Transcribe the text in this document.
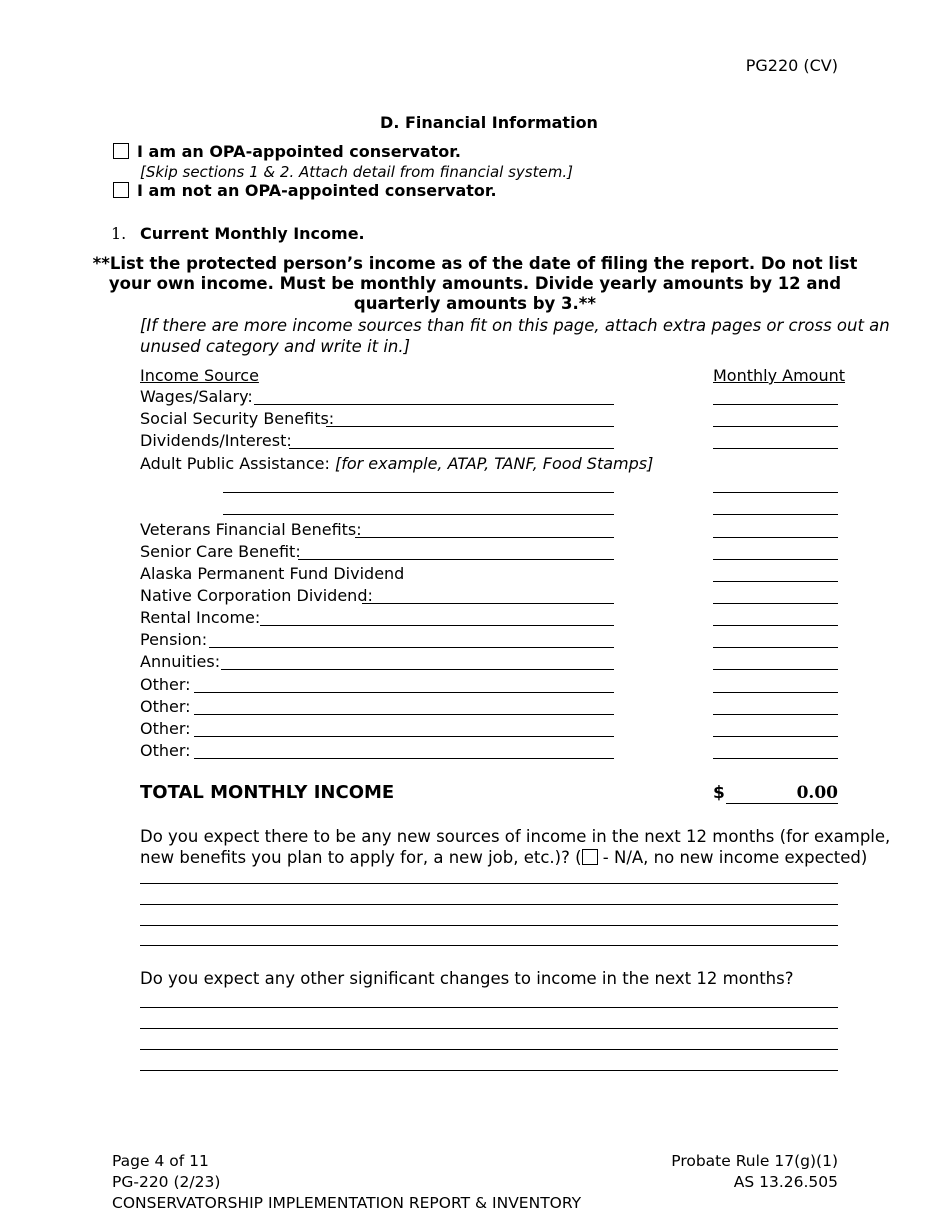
PG220 (CV)
D. Financial Information
I am an OPA-appointed conservator.
[Skip sections 1 & 2. Attach detail from financial system.]
I am not an OPA-appointed conservator.
1. Current Monthly Income.
**List the protected person’s income as of the date of filing the report. Do not list
your own income. Must be monthly amounts. Divide yearly amounts by 12 and
quarterly amounts by 3.**
[If there are more income sources than fit on this page, attach extra pages or cross out an
unused category and write it in.]
Income Source	Monthly Amount
Wages/Salary:
Social Security Benefits:
Dividends/Interest:
Adult Public Assistance: [for example, ATAP, TANF, Food Stamps]
Veterans Financial Benefits:
Senior Care Benefit:
Alaska Permanent Fund Dividend
Native Corporation Dividend:
Rental Income:
Pension:
Annuities:
Other:
Other:
Other:
Other:
TOTAL MONTHLY INCOME	$	0.00
Do you expect there to be any new sources of income in the next 12 months (for example,
new benefits you plan to apply for, a new job, etc.)? ( - N/A, no new income expected)
Do you expect any other significant changes to income in the next 12 months?
Page 4 of 11
PG-220 (2/23)
CONSERVATORSHIP IMPLEMENTATION REPORT & INVENTORY
Probate Rule 17(g)(1)
AS 13.26.505
